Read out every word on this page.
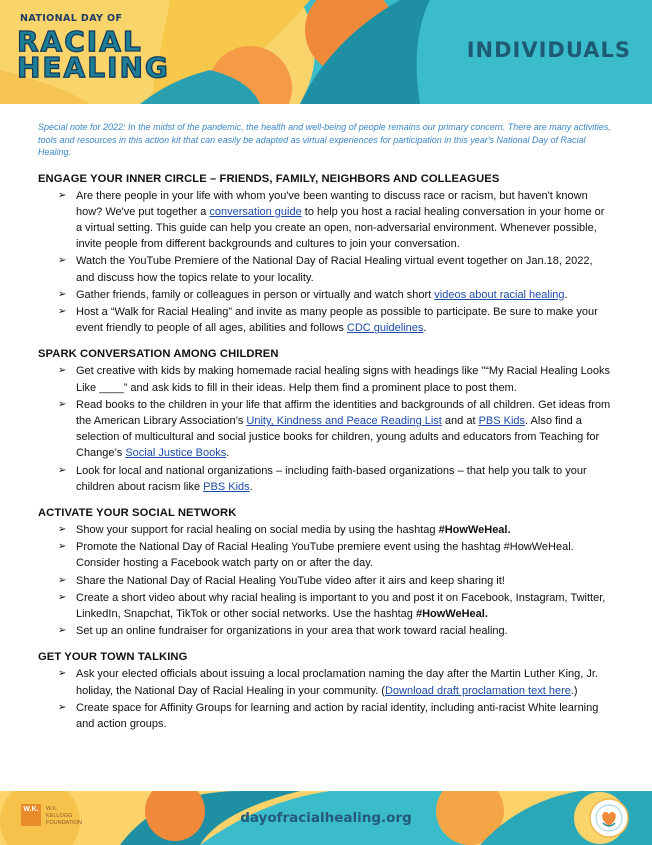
NATIONAL DAY OF
RACIAL
HEALING
INDIVIDUALS

Special note for 2022: In the midst of the pandemic, the health and well-being of people remains our primary concern. There are many activities, tools and resources in this action kit that can easily be adapted as virtual experiences for participation in this year's National Day of Racial Healing.

ENGAGE YOUR INNER CIRCLE – FRIENDS, FAMILY, NEIGHBORS AND COLLEAGUES
➢ Are there people in your life with whom you've been wanting to discuss race or racism, but haven't known how? We've put together a conversation guide to help you host a racial healing conversation in your home or a virtual setting. This guide can help you create an open, non-adversarial environment. Whenever possible, invite people from different backgrounds and cultures to join your conversation.
➢ Watch the YouTube Premiere of the National Day of Racial Healing virtual event together on Jan.18, 2022, and discuss how the topics relate to your locality.
➢ Gather friends, family or colleagues in person or virtually and watch short videos about racial healing.
➢ Host a “Walk for Racial Healing” and invite as many people as possible to participate. Be sure to make your event friendly to people of all ages, abilities and follows CDC guidelines.
SPARK CONVERSATION AMONG CHILDREN
➢ Get creative with kids by making homemade racial healing signs with headings like "“My Racial Healing Looks Like ____” and ask kids to fill in their ideas. Help them find a prominent place to post them.
➢ Read books to the children in your life that affirm the identities and backgrounds of all children. Get ideas from the American Library Association’s Unity, Kindness and Peace Reading List and at PBS Kids. Also find a selection of multicultural and social justice books for children, young adults and educators from Teaching for Change’s Social Justice Books.
➢ Look for local and national organizations – including faith-based organizations – that help you talk to your children about racism like PBS Kids.
ACTIVATE YOUR SOCIAL NETWORK
➢ Show your support for racial healing on social media by using the hashtag #HowWeHeal.
➢ Promote the National Day of Racial Healing YouTube premiere event using the hashtag #HowWeHeal. Consider hosting a Facebook watch party on or after the day.
➢ Share the National Day of Racial Healing YouTube video after it airs and keep sharing it!
➢ Create a short video about why racial healing is important to you and post it on Facebook, Instagram, Twitter, LinkedIn, Snapchat, TikTok or other social networks. Use the hashtag #HowWeHeal.
➢ Set up an online fundraiser for organizations in your area that work toward racial healing.
GET YOUR TOWN TALKING
➢ Ask your elected officials about issuing a local proclamation naming the day after the Martin Luther King, Jr. holiday, the National Day of Racial Healing in your community. (Download draft proclamation text here.)
➢ Create space for Affinity Groups for learning and action by racial identity, including anti-racist White learning and action groups.
W.K.	W.K.
KELLOGG
FOUNDATION	dayofracialhealing.org
